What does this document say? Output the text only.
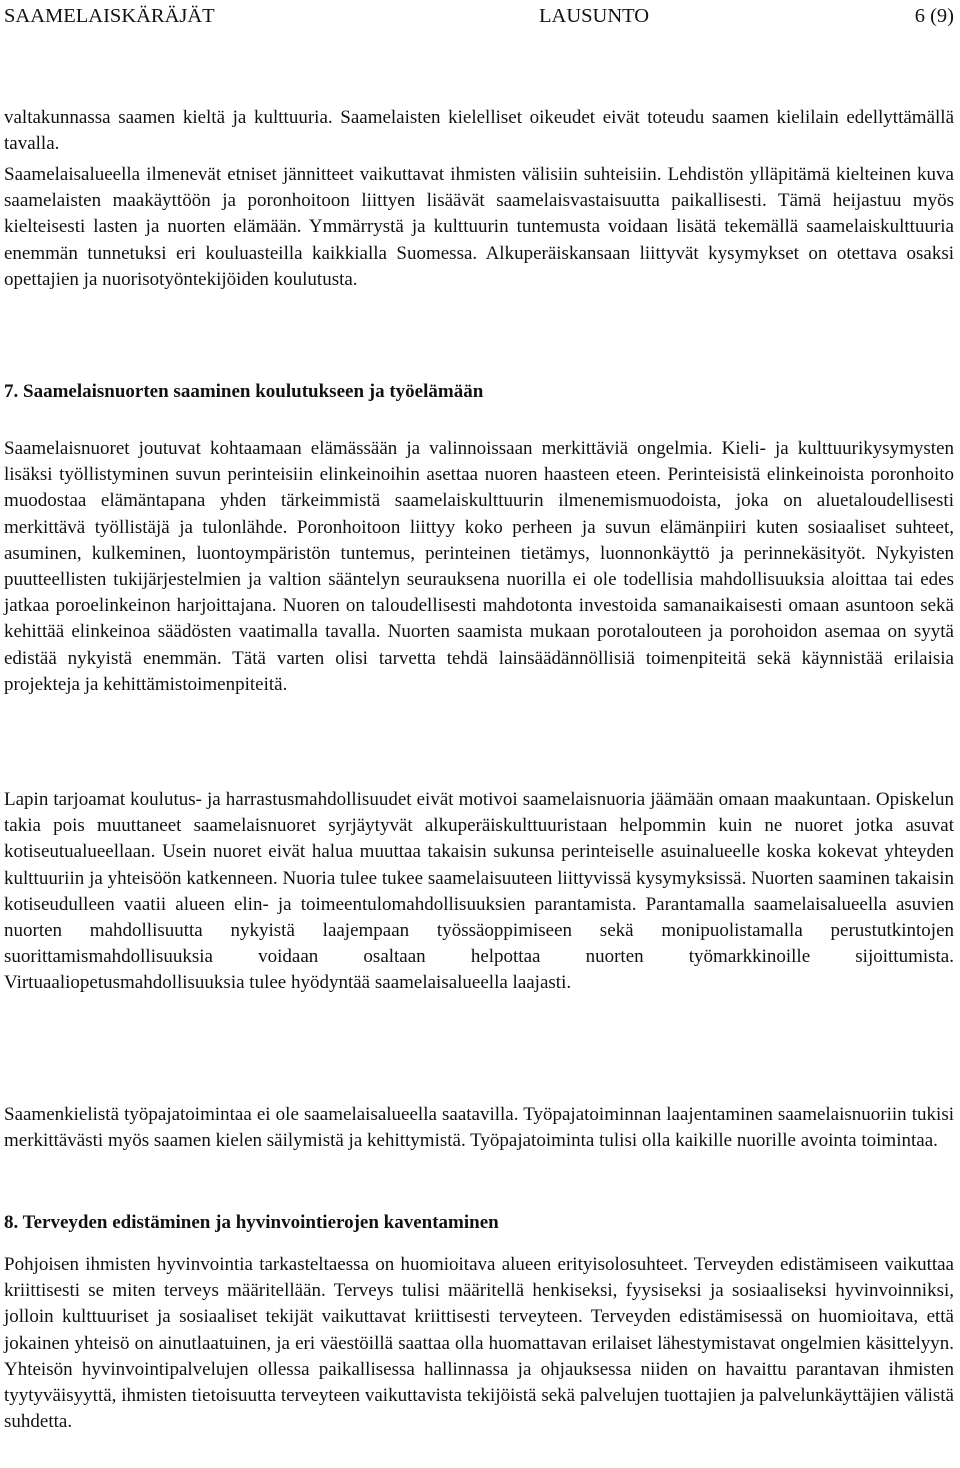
SAAMELAISKÄRÄJÄT	LAUSUNTO	6 (9)

valtakunnassa saamen kieltä ja kulttuuria. Saamelaisten kielelliset oikeudet eivät toteudu saamen kielilain edellyttämällä tavalla.

Saamelaisalueella ilmenevät etniset jännitteet vaikuttavat ihmisten välisiin suhteisiin. Lehdistön ylläpitämä kielteinen kuva saamelaisten maakäyttöön ja poronhoitoon liittyen lisäävät saamelaisvastaisuutta paikallisesti. Tämä heijastuu myös kielteisesti lasten ja nuorten elämään. Ymmärrystä ja kulttuurin tuntemusta voidaan lisätä tekemällä saamelaiskulttuuria enemmän tunnetuksi eri kouluasteilla kaikkialla Suomessa. Alkuperäiskansaan liittyvät kysymykset on otettava osaksi opettajien ja nuorisotyöntekijöiden koulutusta.

7. Saamelaisnuorten saaminen koulutukseen ja työelämään

Saamelaisnuoret joutuvat kohtaamaan elämässään ja valinnoissaan merkittäviä ongelmia. Kieli- ja kulttuurikysymysten lisäksi työllistyminen suvun perinteisiin elinkeinoihin asettaa nuoren haasteen eteen. Perinteisistä elinkeinoista poronhoito muodostaa elämäntapana yhden tärkeimmistä saamelaiskulttuurin ilmenemismuodoista, joka on aluetaloudellisesti merkittävä työllistäjä ja tulonlähde. Poronhoitoon liittyy koko perheen ja suvun elämänpiiri kuten sosiaaliset suhteet, asuminen, kulkeminen, luontoympäristön tuntemus, perinteinen tietämys, luonnonkäyttö ja perinnekäsityöt. Nykyisten puutteellisten tukijärjestelmien ja valtion sääntelyn seurauksena nuorilla ei ole todellisia mahdollisuuksia aloittaa tai edes jatkaa poroelinkeinon harjoittajana. Nuoren on taloudellisesti mahdotonta investoida samanaikaisesti omaan asuntoon sekä kehittää elinkeinoa säädösten vaatimalla tavalla. Nuorten saamista mukaan porotalouteen ja porohoidon asemaa on syytä edistää nykyistä enemmän. Tätä varten olisi tarvetta tehdä lainsäädännöllisiä toimenpiteitä sekä käynnistää erilaisia projekteja ja kehittämistoimenpiteitä.

Lapin tarjoamat koulutus- ja harrastusmahdollisuudet eivät motivoi saamelaisnuoria jäämään omaan maakuntaan. Opiskelun takia pois muuttaneet saamelaisnuoret syrjäytyvät alkuperäiskulttuuristaan helpommin kuin ne nuoret jotka asuvat kotiseutualueellaan. Usein nuoret eivät halua muuttaa takaisin sukunsa perinteiselle asuinalueelle koska kokevat yhteyden kulttuuriin ja yhteisöön katkenneen. Nuoria tulee tukee saamelaisuuteen liittyvissä kysymyksissä. Nuorten saaminen takaisin kotiseudulleen vaatii alueen elin- ja toimeentulomahdollisuuksien parantamista. Parantamalla saamelaisalueella asuvien nuorten mahdollisuutta nykyistä laajempaan työssäoppimiseen sekä monipuolistamalla perustutkintojen suorittamismahdollisuuksia voidaan osaltaan helpottaa nuorten työmarkkinoille sijoittumista. Virtuaaliopetusmahdollisuuksia tulee hyödyntää saamelaisalueella laajasti.

Saamenkielistä työpajatoimintaa ei ole saamelaisalueella saatavilla. Työpajatoiminnan laajentaminen saamelaisnuoriin tukisi merkittävästi myös saamen kielen säilymistä ja kehittymistä. Työpajatoiminta tulisi olla kaikille nuorille avointa toimintaa.

8. Terveyden edistäminen ja hyvinvointierojen kaventaminen

Pohjoisen ihmisten hyvinvointia tarkasteltaessa on huomioitava alueen erityisolosuhteet. Terveyden edistämiseen vaikuttaa kriittisesti se miten terveys määritellään. Terveys tulisi määritellä henkiseksi, fyysiseksi ja sosiaaliseksi hyvinvoinniksi, jolloin kulttuuriset ja sosiaaliset tekijät vaikuttavat kriittisesti terveyteen. Terveyden edistämisessä on huomioitava, että jokainen yhteisö on ainutlaatuinen, ja eri väestöillä saattaa olla huomattavan erilaiset lähestymistavat ongelmien käsittelyyn. Yhteisön hyvinvointipalvelujen ollessa paikallisessa hallinnassa ja ohjauksessa niiden on havaittu parantavan ihmisten tyytyväisyyttä, ihmisten tietoisuutta terveyteen vaikuttavista tekijöistä sekä palvelujen tuottajien ja palvelunkäyttäjien välistä suhdetta.
